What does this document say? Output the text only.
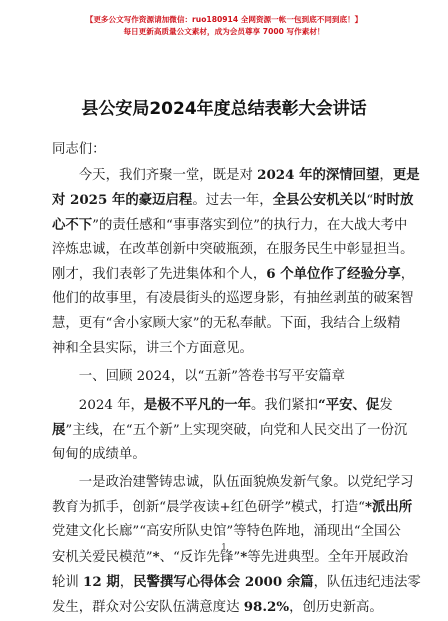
【更多公文写作资源请加微信：ruo180914 全网资源一帐一包到底不同到底！】
每日更新高质量公文素材，成为会员尊享 7000 写作素材！
县公安局2024年度总结表彰大会讲话

同志们：

今天，我们齐聚一堂，既是对 2024 年的深情回望，更是

对 2025 年的豪迈启程。过去一年，全县公安机关以“时时放

心不下”的责任感和“事事落实到位”的执行力，在大战大考中

淬炼忠诚，在改革创新中突破瓶颈，在服务民生中彰显担当。

刚才，我们表彰了先进集体和个人，6 个单位作了经验分享，

他们的故事里，有凌晨街头的巡逻身影，有抽丝剥茧的破案智

慧，更有“舍小家顾大家”的无私奉献。下面，我结合上级精

神和全县实际，讲三个方面意见。

一、回顾 2024，以“五新”答卷书写平安篇章

2024 年，是极不平凡的一年。我们紧扣“平安、促发

展”主线，在“五个新”上实现突破，向党和人民交出了一份沉

甸甸的成绩单。

一是政治建警铸忠诚，队伍面貌焕发新气象。以党纪学习

教育为抓手，创新“晨学夜读+红色研学”模式，打造“*派出所

党建文化长廊”“高安所队史馆”等特色阵地，涌现出“全国公

安机关爱民模范”*、“反诈先锋”*等先进典型。全年开展政治

轮训 12 期，民警撰写心得体会 2000 余篇，队伍违纪违法零

发生，群众对公安队伍满意度达 98.2%，创历史新高。

1
